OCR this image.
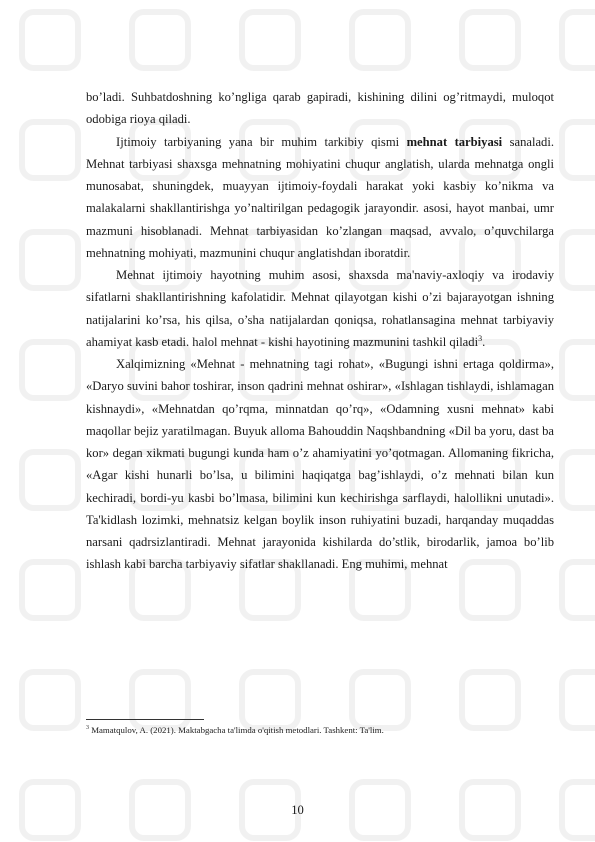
bo’ladi. Suhbatdoshning ko’ngliga qarab gapiradi, kishining dilini og’ritmaydi, muloqot odobiga rioya qiladi.

Ijtimoiy tarbiyaning yana bir muhim tarkibiy qismi mehnat tarbiyasi sanaladi. Mehnat tarbiyasi shaxsga mehnatning mohiyatini chuqur anglatish, ularda mehnatga ongli munosabat, shuningdek, muayyan ijtimoiy-foydali harakat yoki kasbiy ko’nikma va malakalarni shakllantirishga yo’naltirilgan pedagogik jarayondir. asosi, hayot manbai, umr mazmuni hisoblanadi. Mehnat tarbiyasidan ko’zlangan maqsad, avvalo, o’quvchilarga mehnatning mohiyati, mazmunini chuqur anglatishdan iboratdir.

Mehnat ijtimoiy hayotning muhim asosi, shaxsda ma'naviy-axloqiy va irodaviy sifatlarni shakllantirishning kafolatidir. Mehnat qilayotgan kishi o’zi bajarayotgan ishning natijalarini ko’rsa, his qilsa, o’sha natijalardan qoniqsa, rohatlansagina mehnat tarbiyaviy ahamiyat kasb etadi. halol mehnat - kishi hayotining mazmunini tashkil qiladi$^3$.

Xalqimizning «Mehnat - mehnatning tagi rohat», «Bugungi ishni ertaga qoldirma», «Daryo suvini bahor toshirar, inson qadrini mehnat oshirar», «Ishlagan tishlaydi, ishlamagan kishnaydi», «Mehnatdan qo’rqma, minnatdan qo’rq», «Odamning xusni mehnat» kabi maqollar bejiz yaratilmagan. Buyuk alloma Bahouddin Naqshbandning «Dil ba yoru, dast ba kor» degan xikmati bugungi kunda ham o’z ahamiyatini yo’qotmagan. Allomaning fikricha, «Agar kishi hunarli bo’lsa, u bilimini haqiqatga bag’ishlaydi, o’z mehnati bilan kun kechiradi, bordi-yu kasbi bo’lmasa, bilimini kun kechirishga sarflaydi, halollikni unutadi». Ta'kidlash lozimki, mehnatsiz kelgan boylik inson ruhiyatini buzadi, harqanday muqaddas narsani qadrsizlantiradi. Mehnat jarayonida kishilarda do’stlik, birodarlik, jamoa bo’lib ishlash kabi barcha tarbiyaviy sifatlar shakllanadi. Eng muhimi, mehnat

$^3$ Mamatqulov, A. (2021). Maktabgacha ta'limda o'qitish metodlari. Tashkent: Ta'lim.
10
